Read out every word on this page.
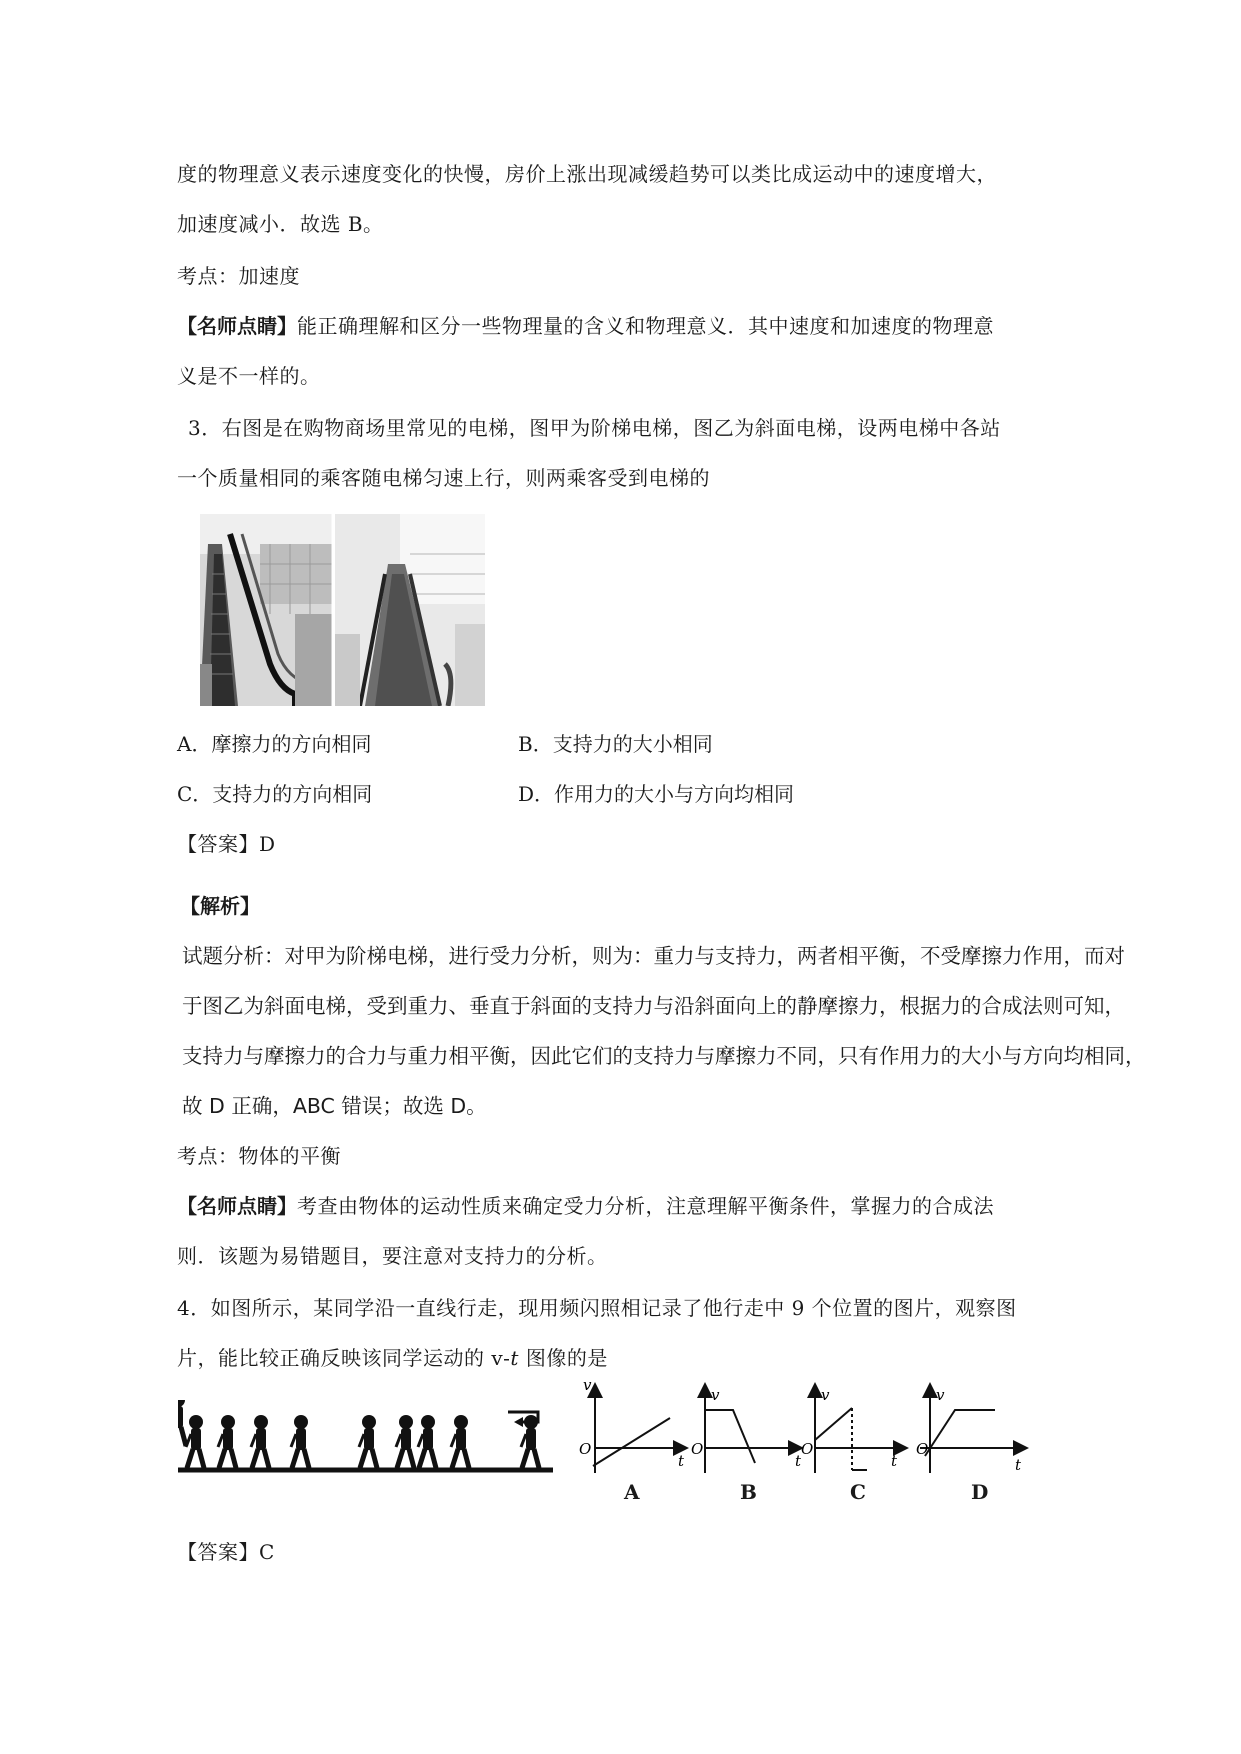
度的物理意义表示速度变化的快慢，房价上涨出现减缓趋势可以类比成运动中的速度增大，
加速度减小．故选 B。
考点：加速度
【名师点睛】能正确理解和区分一些物理量的含义和物理意义．其中速度和加速度的物理意
义是不一样的。
3．右图是在购物商场里常见的电梯，图甲为阶梯电梯，图乙为斜面电梯，设两电梯中各站
一个质量相同的乘客随电梯匀速上行，则两乘客受到电梯的
A．摩擦力的方向相同	B．支持力的大小相同
C．支持力的方向相同	D．作用力的大小与方向均相同
【答案】D
【解析】
试题分析：对甲为阶梯电梯，进行受力分析，则为：重力与支持力，两者相平衡，不受摩擦力作用，而对
于图乙为斜面电梯，受到重力、垂直于斜面的支持力与沿斜面向上的静摩擦力，根据力的合成法则可知，
支持力与摩擦力的合力与重力相平衡，因此它们的支持力与摩擦力不同，只有作用力的大小与方向均相同，
故 D 正确，ABC 错误；故选 D。
考点：物体的平衡
【名师点睛】考查由物体的运动性质来确定受力分析，注意理解平衡条件，掌握力的合成法
则．该题为易错题目，要注意对支持力的分析。
4．如图所示，某同学沿一直线行走，现用频闪照相记录了他行走中 9 个位置的图片，观察图
片，能比较正确反映该同学运动的 v-t 图像的是
v
O
t
v
O
t
v
O
t
v
O
t
A	B	C	D
【答案】C
